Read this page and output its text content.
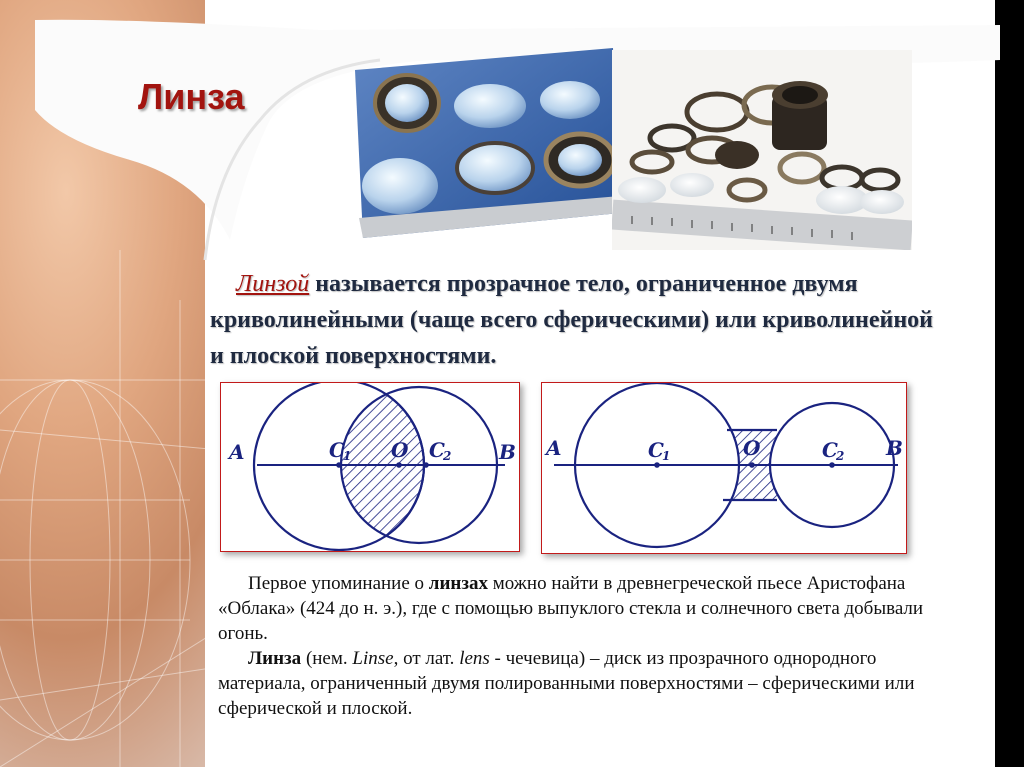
Линза
Линзой называется прозрачное тело, ограниченное двумя криволинейными (чаще всего сферическими) или криволинейной и плоской поверхностями.
A	C
1 O C
2 B A	C
1	O	C
2 B

Первое упоминание о линзах можно найти в древнегреческой пьесе Аристофана «Облака» (424 до н. э.), где с помощью выпуклого стекла и солнечного света добывали огонь.

Линза (нем. Linse, от лат. lens - чечевица) – диск из прозрачного однородного материала, ограниченный двумя полированными поверхностями – сферическими или сферической и плоской.
